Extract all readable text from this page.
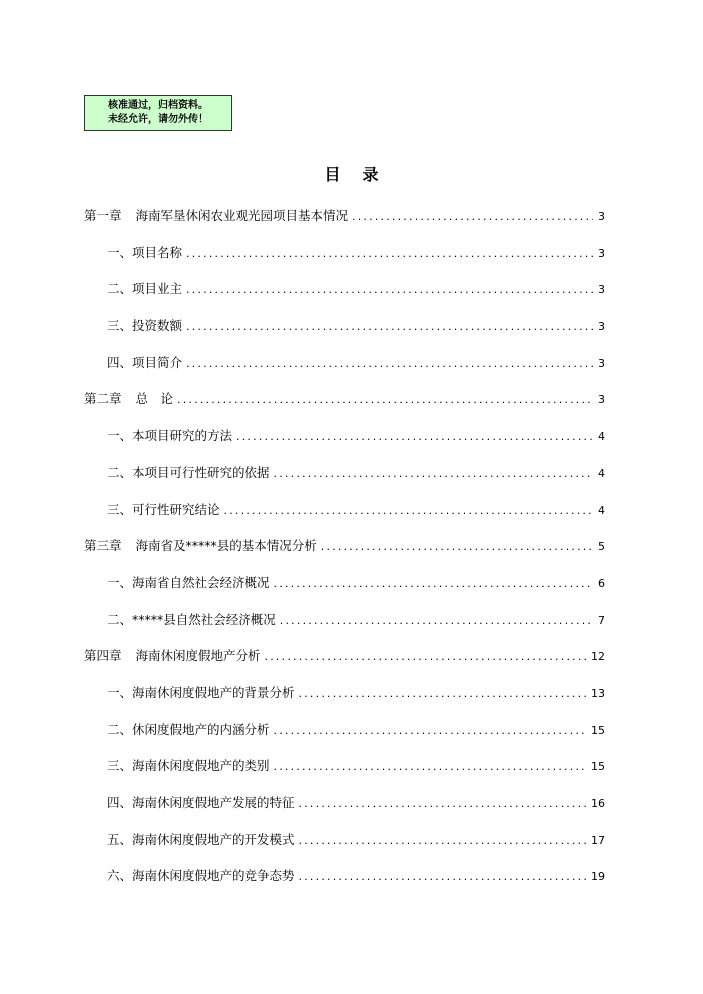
核准通过，归档资料。
未经允许，请勿外传！
目录
第一章 海南军垦休闲农业观光园项目基本情况 .....	3
一、项目名称 .....	3
二、项目业主 .....	3
三、投资数额 .....	3
四、项目简介 .....	3
第二章 总　论 .....	3
一、本项目研究的方法 .....	4
二、本项目可行性研究的依据 .....	4
三、可行性研究结论 .....	4
第三章 海南省及*****县的基本情况分析 .....	5
一、海南省自然社会经济概况 .....	6
二、*****县自然社会经济概况 .....	7
第四章 海南休闲度假地产分析 .....	12
一、海南休闲度假地产的背景分析 .....	13
二、休闲度假地产的内涵分析 .....	15
三、海南休闲度假地产的类别 .....	15
四、海南休闲度假地产发展的特征 .....	16
五、海南休闲度假地产的开发模式 .....	17
六、海南休闲度假地产的竞争态势 .....	19
